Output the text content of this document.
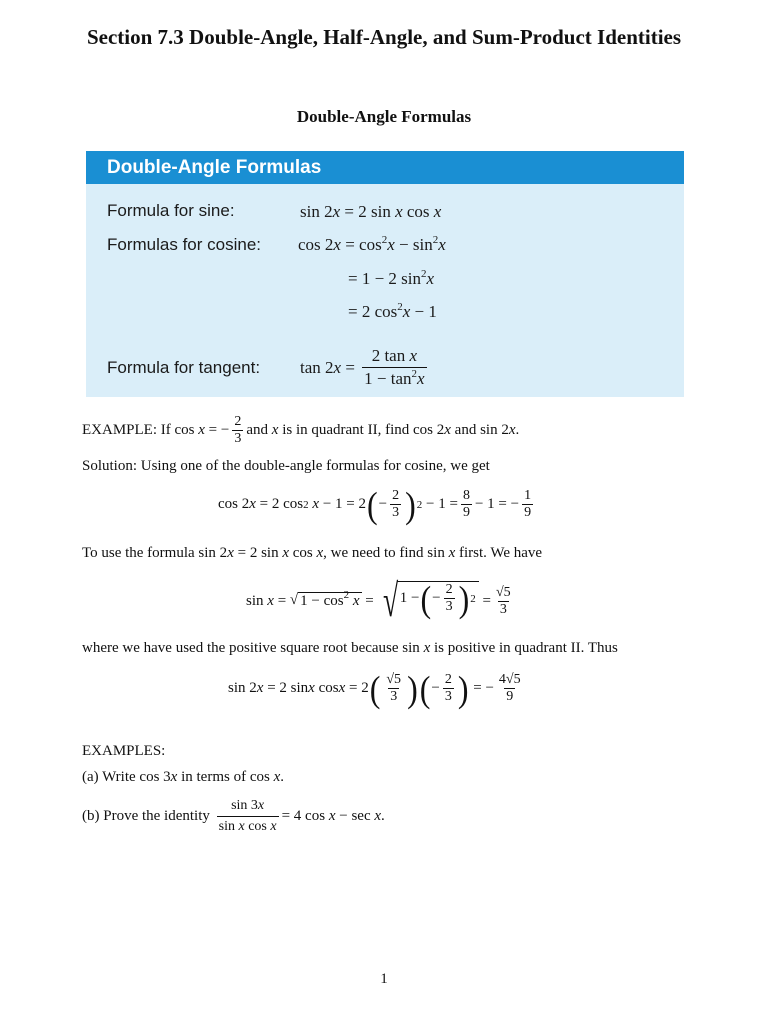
Section 7.3 Double-Angle, Half-Angle, and Sum-Product Identities
Double-Angle Formulas
Double-Angle Formulas
Formula for sine:	sin 2x = 2 sin x cos x
Formulas for cosine: $\cos 2x = \cos^2x - \sin^2x$
= 1 − 2 $\sin^2x$
= 2 $\cos^2x - 1$
Formula for tangent: tan 2 $x = \frac{\text{2 tan x}}{1 - \tan^2x}$
EXAMPLE: If cos x = − $\frac{2}{3}$ and x is in quadrant II, find cos 2 x and sin 2 x .
Solution: Using one of the double-angle formulas for cosine, we get
cos 2 x = 2 cos 2
x − 1 = 2 ( − $\frac{2}{3}$ ) $2 - 1 = \frac{8}{9} - 1$ = − $\frac{1}{9}$
To use the formula sin 2x = 2 sin x cos x, we need to find sin x first. We have
sin x = √ $1 - \cos^2 x$ = √ 1 − ( − $\frac{2}{3}$ ) $2 = \frac{√5}{3}$
where we have used the positive square root because sin x is positive in quadrant II. Thus
sin 2 x = 2 sin x cos x = 2 ( $\frac{√5}{3}$ ) ( − $\frac{2}{3}$ ) = − $\frac{4√5}{9}$
EXAMPLES:
(a) Write cos 3x in terms of cos x.
(b) Prove the identity $\frac{\sin 3x}{\text{sin x cos x}} = 4$ cos x − sec x .
1
